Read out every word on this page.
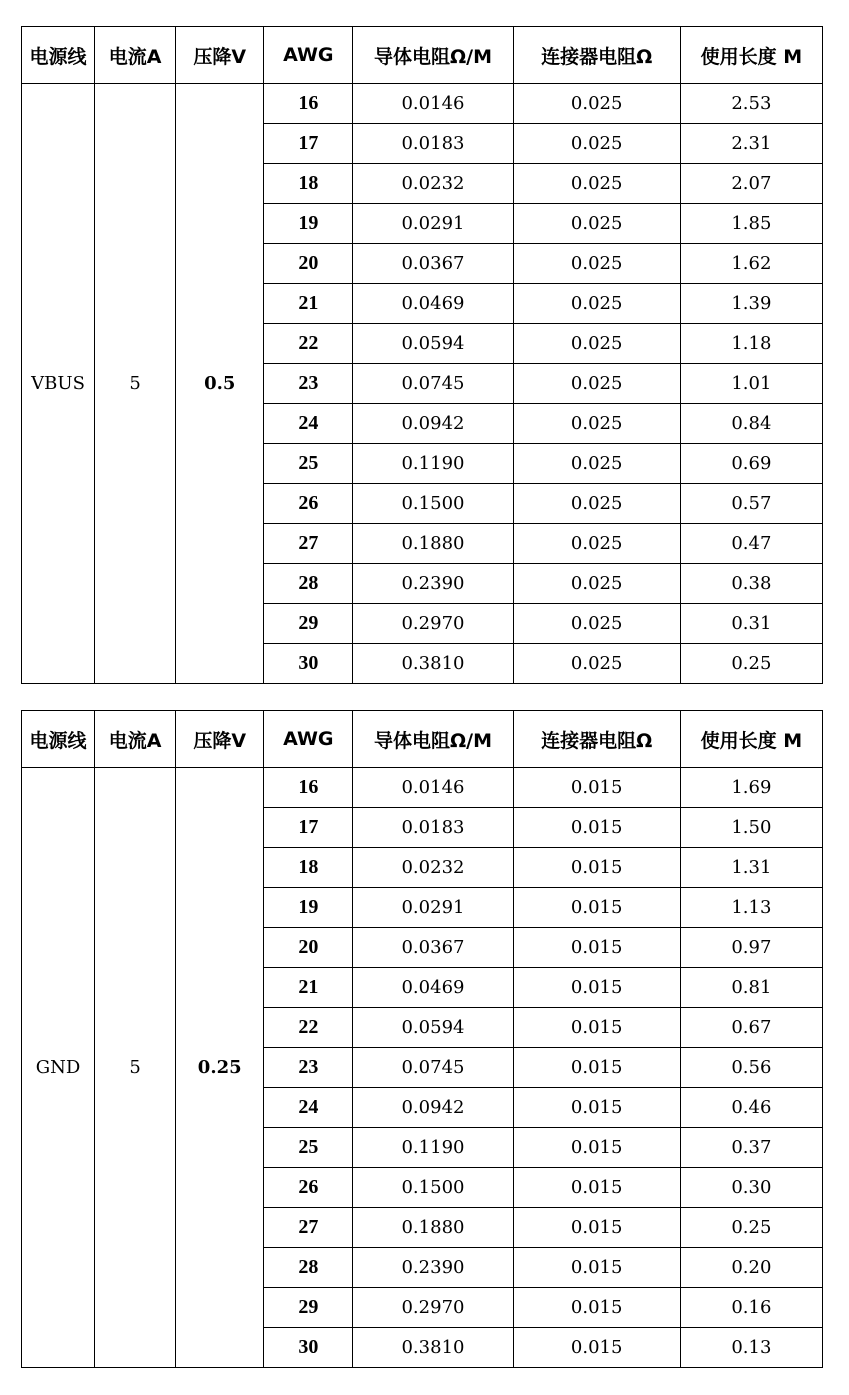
电源线	电流A	压降V	AWG	导体电阻Ω/M	连接器电阻Ω	使用长度 M
VBUS	5	0.5	16	0.0146	0.025	2.53
			17	0.0183	0.025	2.31
			18	0.0232	0.025	2.07
			19	0.0291	0.025	1.85
			20	0.0367	0.025	1.62
			21	0.0469	0.025	1.39
			22	0.0594	0.025	1.18
			23	0.0745	0.025	1.01
			24	0.0942	0.025	0.84
			25	0.1190	0.025	0.69
			26	0.1500	0.025	0.57
			27	0.1880	0.025	0.47
			28	0.2390	0.025	0.38
			29	0.2970	0.025	0.31
			30	0.3810	0.025	0.25
电源线	电流A	压降V	AWG	导体电阻Ω/M	连接器电阻Ω	使用长度 M
GND	5	0.25	16	0.0146	0.015	1.69
			17	0.0183	0.015	1.50
			18	0.0232	0.015	1.31
			19	0.0291	0.015	1.13
			20	0.0367	0.015	0.97
			21	0.0469	0.015	0.81
			22	0.0594	0.015	0.67
			23	0.0745	0.015	0.56
			24	0.0942	0.015	0.46
			25	0.1190	0.015	0.37
			26	0.1500	0.015	0.30
			27	0.1880	0.015	0.25
			28	0.2390	0.015	0.20
			29	0.2970	0.015	0.16
			30	0.3810	0.015	0.13
